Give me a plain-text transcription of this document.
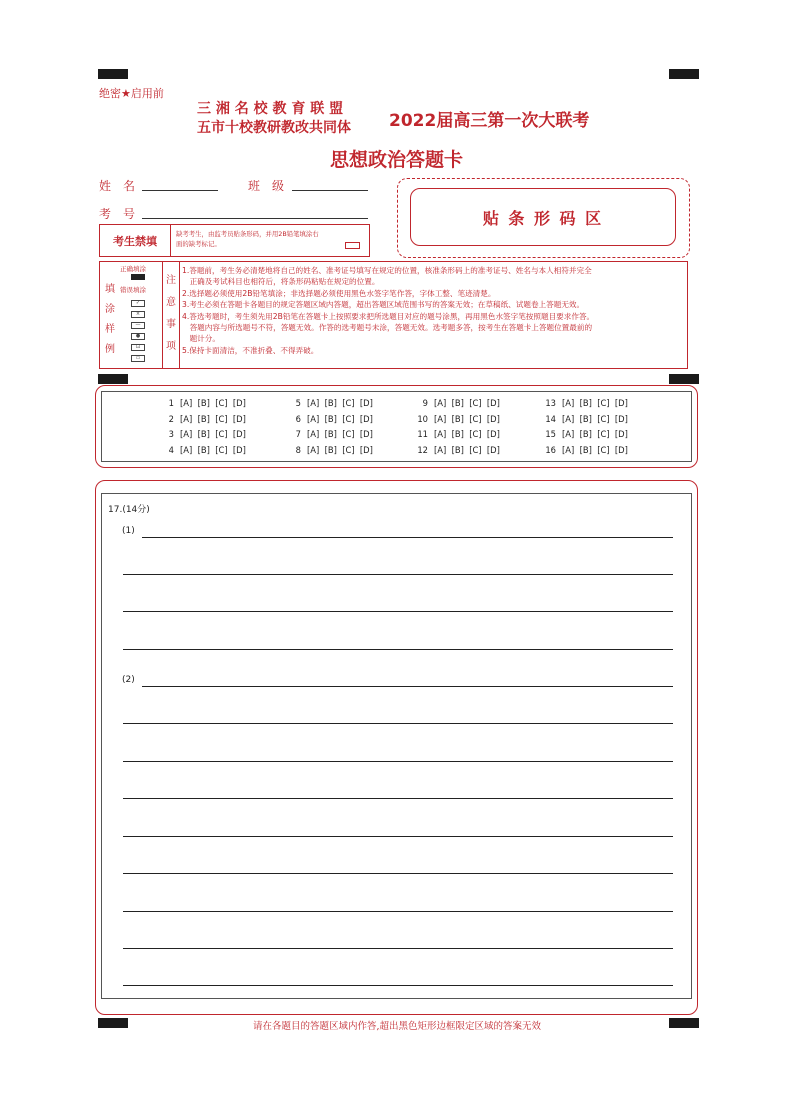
绝密★启用前
三 湘 名 校 教 育 联 盟
五市十校教研教改共同体 2022届高三第一次大联考
思想政治答题卡
姓　名	班　级
考　号	贴 条 形 码 区
考生禁填
缺考考生，由监考员贴条形码，并用2B铅笔填涂右
面的缺考标记。
填
涂
样
例
正确填涂
错误填涂
✓
×
—
●
⊡
▭
注
意
事
项
1.答题前，考生务必清楚地将自己的姓名、准考证号填写在规定的位置，核准条形码上的准考证号、姓名与本人相符并完全
　正确及考试科目也相符后，将条形码粘贴在规定的位置。
2.选择题必须使用2B铅笔填涂；非选择题必须使用黑色水签字笔作答，字体工整、笔迹清楚。
3.考生必须在答题卡各题目的规定答题区域内答题，超出答题区域范围书写的答案无效；在草稿纸、试题卷上答题无效。
4.答选考题时，考生须先用2B铅笔在答题卡上按照要求把所选题目对应的题号涂黑，再用黑色水签字笔按照题目要求作答。
　答题内容与所选题号不符，答题无效。作答的选考题号未涂，答题无效。选考题多答，按考生在答题卡上答题位置最前的
　题计分。
5.保持卡面清洁，不准折叠、不得弄破。
1 [A]  [B]  [C]  [D]
2 [A]  [B]  [C]  [D]
3 [A]  [B]  [C]  [D]
4 [A]  [B]  [C]  [D]
5 [A]  [B]  [C]  [D]
6 [A]  [B]  [C]  [D]
7 [A]  [B]  [C]  [D]
8 [A]  [B]  [C]  [D]
9 [A]  [B]  [C]  [D]
10 [A]  [B]  [C]  [D]
11 [A]  [B]  [C]  [D]
12 [A]  [B]  [C]  [D]
13 [A]  [B]  [C]  [D]
14 [A]  [B]  [C]  [D]
15 [A]  [B]  [C]  [D]
16 [A]  [B]  [C]  [D]
17.(14分)
(1)
(2)
请在各题目的答题区域内作答,超出黑色矩形边框限定区域的答案无效
